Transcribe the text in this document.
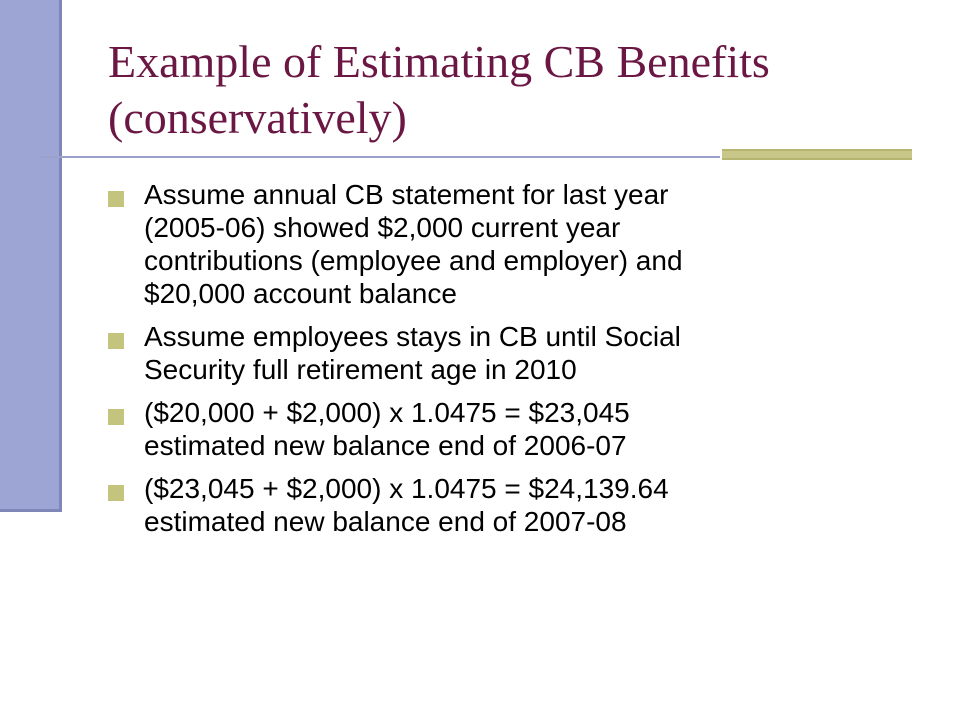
Example of Estimating CB Benefits
(conservatively)
Assume annual CB statement for last year
(2005-06) showed $2,000 current year
contributions (employee and employer) and
$20,000 account balance
Assume employees stays in CB until Social
Security full retirement age in 2010
($20,000 + $2,000) x 1.0475 = $23,045
estimated new balance end of 2006-07
($23,045 + $2,000) x 1.0475 = $24,139.64
estimated new balance end of 2007-08
